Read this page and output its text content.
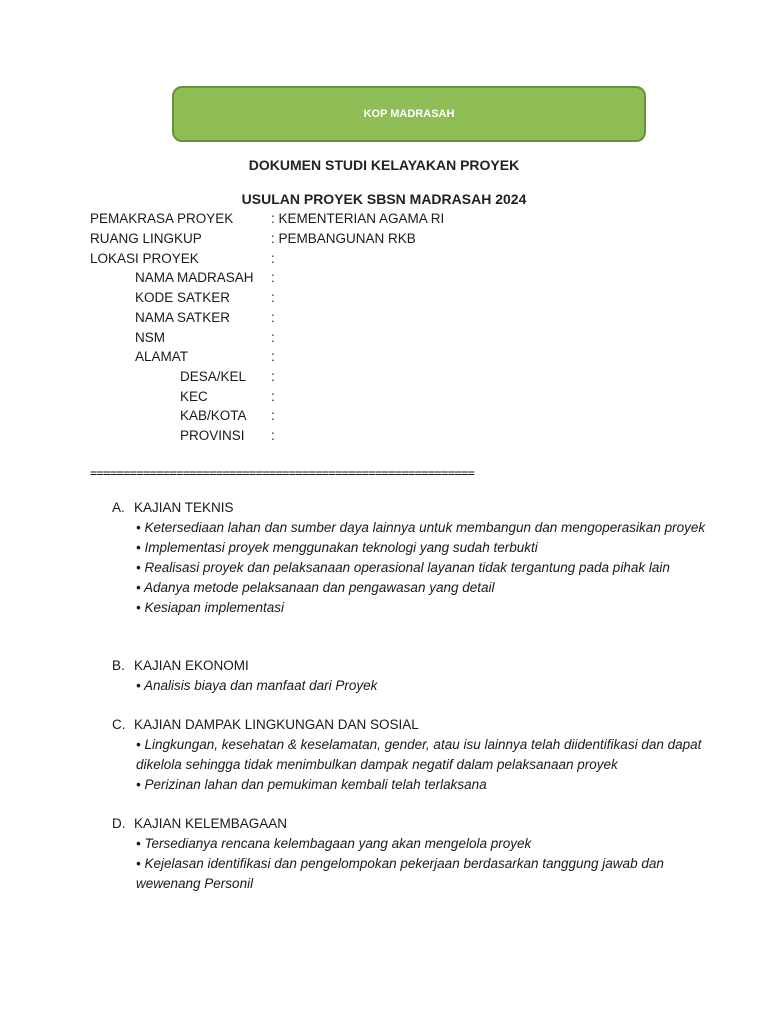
KOP MADRASAH
DOKUMEN STUDI KELAYAKAN PROYEK
USULAN PROYEK SBSN MADRASAH 2024
PEMAKRASA PROYEK	: KEMENTERIAN AGAMA RI
RUANG LINGKUP	: PEMBANGUNAN RKB
LOKASI PROYEK	:
NAMA MADRASAH :
KODE SATKER	:
NAMA SATKER	:
NSM	:
ALAMAT	:
DESA/KEL :
KEC	:
KAB/KOTA :
PROVINSI :
==========================================================
A. KAJIAN TEKNIS
• Ketersediaan lahan dan sumber daya lainnya untuk membangun dan mengoperasikan proyek
• Implementasi proyek menggunakan teknologi yang sudah terbukti
• Realisasi proyek dan pelaksanaan operasional layanan tidak tergantung pada pihak lain
• Adanya metode pelaksanaan dan pengawasan yang detail
• Kesiapan implementasi
B. KAJIAN EKONOMI
• Analisis biaya dan manfaat dari Proyek
C. KAJIAN DAMPAK LINGKUNGAN DAN SOSIAL
• Lingkungan, kesehatan & keselamatan, gender, atau isu lainnya telah diidentifikasi dan dapat dikelola sehingga tidak menimbulkan dampak negatif dalam pelaksanaan proyek
• Perizinan lahan dan pemukiman kembali telah terlaksana
D. KAJIAN KELEMBAGAAN
• Tersedianya rencana kelembagaan yang akan mengelola proyek
• Kejelasan identifikasi dan pengelompokan pekerjaan berdasarkan tanggung jawab dan wewenang Personil
